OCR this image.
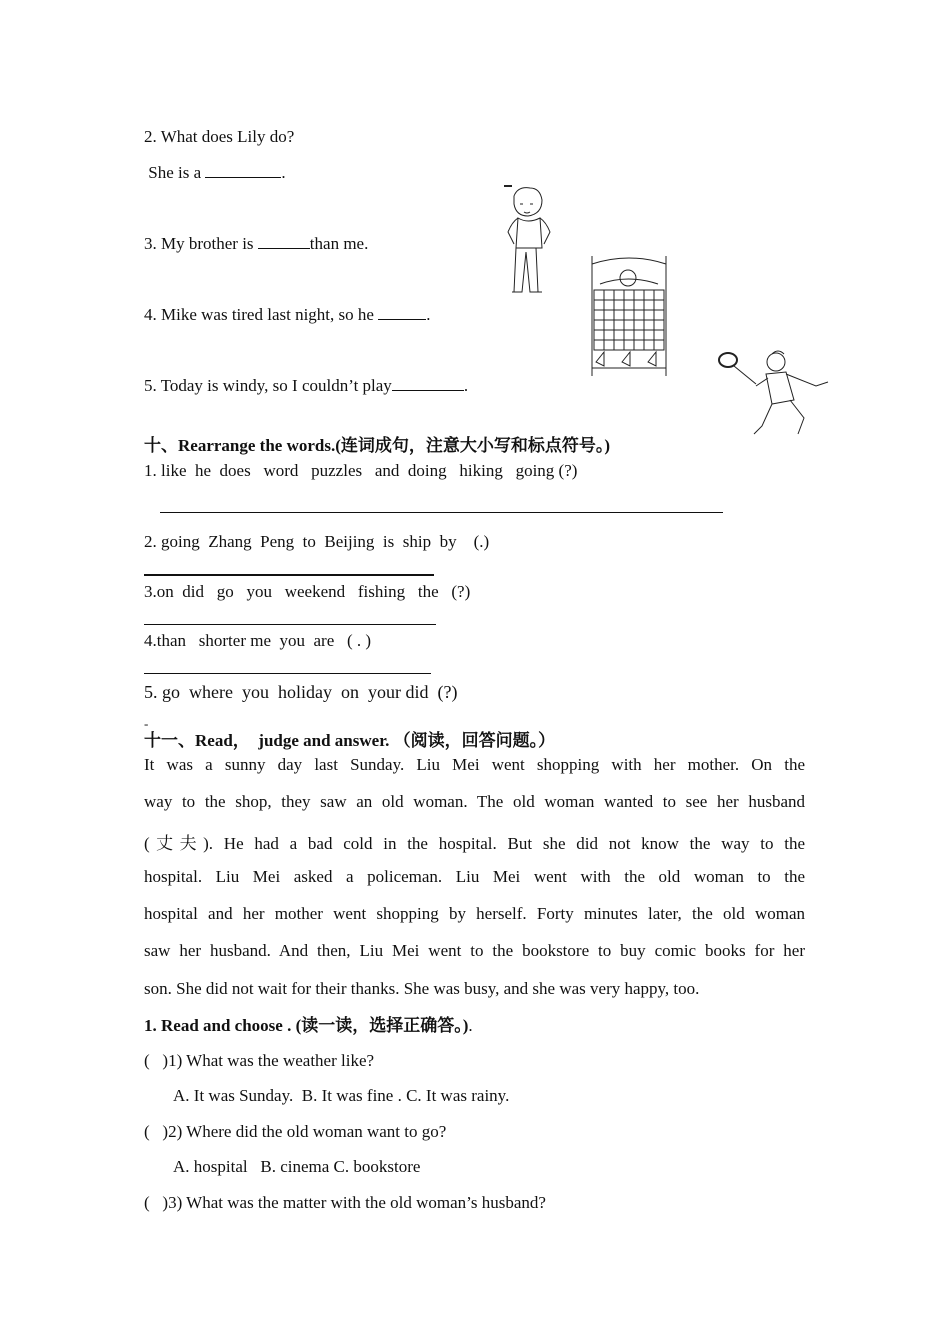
2. What does Lily do?
She is a	.
3. My brother is	than me.
4. Mike was tired last night, so he	.
5. Today is windy, so I couldn’t play	.
十、Rearrange the words.(连词成句，注意大小写和标点符号。)
1. like  he  does   word   puzzles   and  doing   hiking   going (?)
2. going  Zhang  Peng  to  Beijing  is  ship  by    (.)
3.on  did   go   you   weekend   fishing   the   (?)
4.than   shorter me  you  are   ( . )
5. go  where  you  holiday  on  your did  (?)
-
十一、Read，  judge and answer. （阅读，回答问题。）
It was a sunny day last Sunday. Liu Mei went shopping with her mother. On the
way to the shop, they saw an old woman. The old woman wanted to see her husband
(丈夫). He had a bad cold in the hospital. But she did not know the way to the
hospital. Liu Mei asked a policeman. Liu Mei went with the old woman to the
hospital and her mother went shopping by herself. Forty minutes later, the old woman
saw her husband. And then, Liu Mei went to the bookstore to buy comic books for her
son. She did not wait for their thanks. She was busy, and she was very happy, too.
1. Read and choose . (读一读，选择正确答。).
(   )1) What was the weather like?
A. It was Sunday.  B. It was fine . C. It was rainy.
(   )2) Where did the old woman want to go?
A. hospital   B. cinema C. bookstore
(   )3) What was the matter with the old woman’s husband?
